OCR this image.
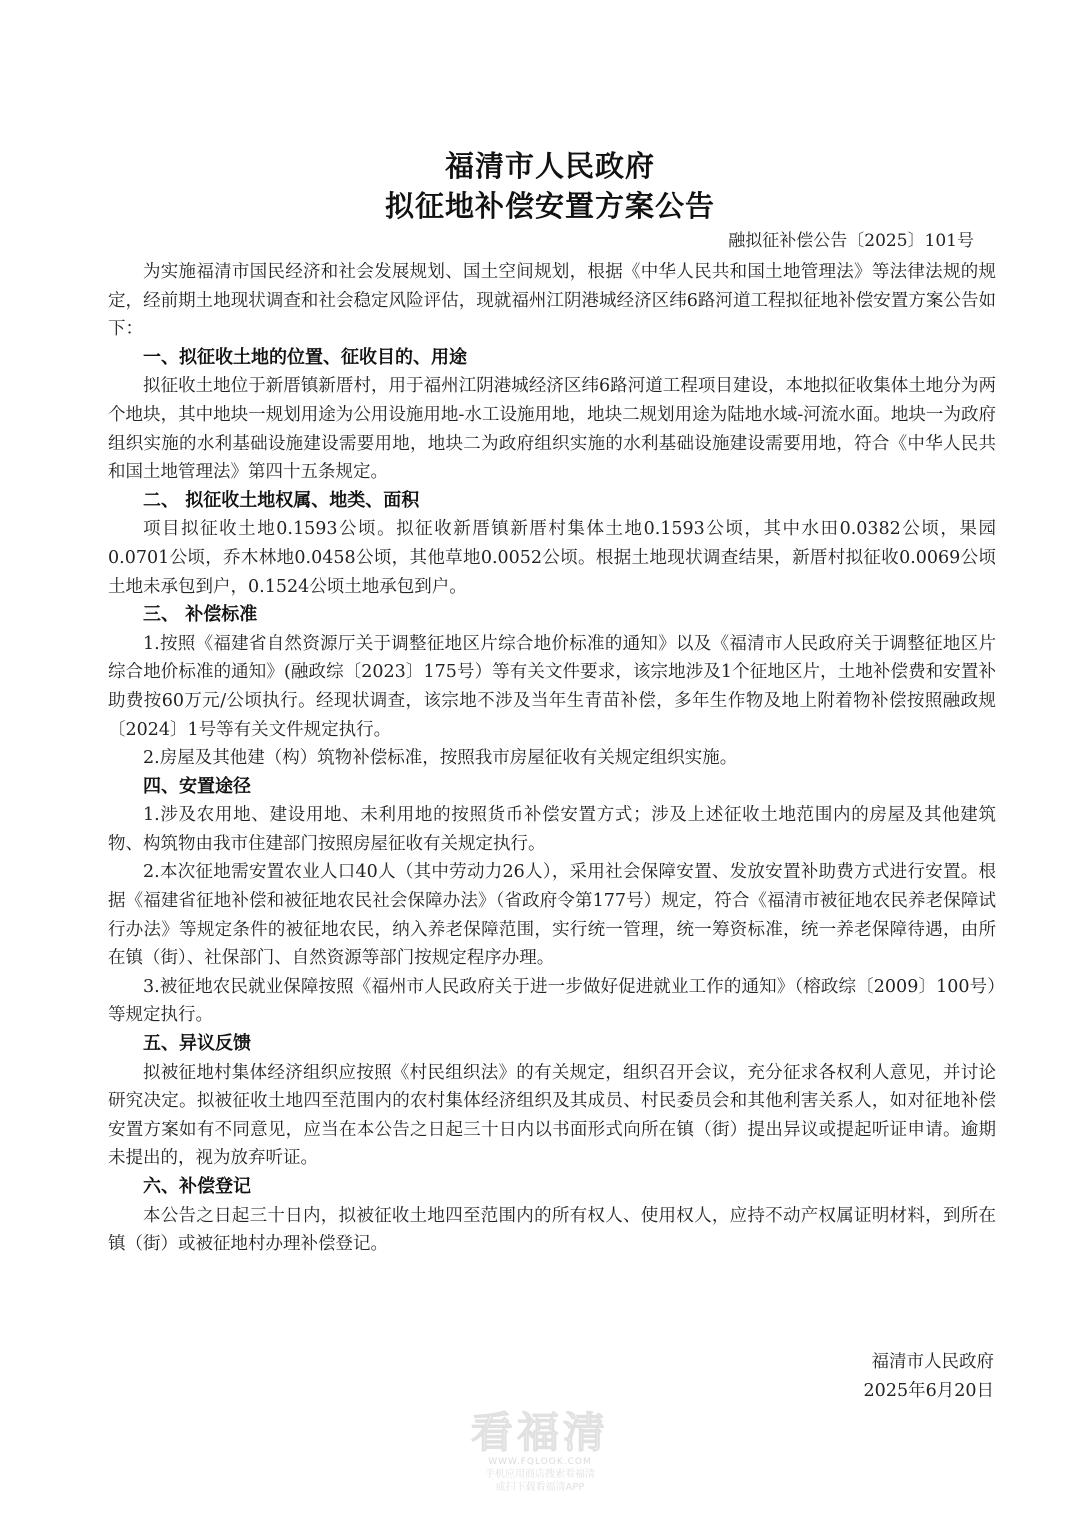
福清市人民政府
拟征地补偿安置方案公告
融拟征补偿公告〔2025〕101号

为实施福清市国民经济和社会发展规划、国土空间规划，根据《中华人民共和国土地管理法》等法律法规的规定，经前期土地现状调查和社会稳定风险评估，现就福州江阴港城经济区纬6路河道工程拟征地补偿安置方案公告如下：

一、拟征收土地的位置、征收目的、用途

拟征收土地位于新厝镇新厝村，用于福州江阴港城经济区纬6路河道工程项目建设，本地拟征收集体土地分为两个地块，其中地块一规划用途为公用设施用地-水工设施用地，地块二规划用途为陆地水域-河流水面。地块一为政府组织实施的水利基础设施建设需要用地，地块二为政府组织实施的水利基础设施建设需要用地，符合《中华人民共和国土地管理法》第四十五条规定。

二、 拟征收土地权属、地类、面积

项目拟征收土地0.1593公顷。拟征收新厝镇新厝村集体土地0.1593公顷，其中水田0.0382公顷，果园0.0701公顷，乔木林地0.0458公顷，其他草地0.0052公顷。根据土地现状调查结果，新厝村拟征收0.0069公顷土地未承包到户，0.1524公顷土地承包到户。

三、 补偿标准

1.按照《福建省自然资源厅关于调整征地区片综合地价标准的通知》以及《福清市人民政府关于调整征地区片综合地价标准的通知》(融政综〔2023〕175号）等有关文件要求，该宗地涉及1个征地区片，土地补偿费和安置补助费按60万元/公顷执行。经现状调查，该宗地不涉及当年生青苗补偿，多年生作物及地上附着物补偿按照融政规〔2024〕1号等有关文件规定执行。

2.房屋及其他建（构）筑物补偿标准，按照我市房屋征收有关规定组织实施。

四、安置途径

1.涉及农用地、建设用地、未利用地的按照货币补偿安置方式；涉及上述征收土地范围内的房屋及其他建筑物、构筑物由我市住建部门按照房屋征收有关规定执行。

2.本次征地需安置农业人口40人（其中劳动力26人），采用社会保障安置、发放安置补助费方式进行安置。根据《福建省征地补偿和被征地农民社会保障办法》（省政府令第177号）规定，符合《福清市被征地农民养老保障试行办法》等规定条件的被征地农民，纳入养老保障范围，实行统一管理，统一筹资标准，统一养老保障待遇，由所在镇（街）、社保部门、自然资源等部门按规定程序办理。

3.被征地农民就业保障按照《福州市人民政府关于进一步做好促进就业工作的通知》（榕政综〔2009〕100号）等规定执行。

五、异议反馈

拟被征地村集体经济组织应按照《村民组织法》的有关规定，组织召开会议，充分征求各权利人意见，并讨论研究决定。拟被征收土地四至范围内的农村集体经济组织及其成员、村民委员会和其他利害关系人，如对征地补偿安置方案如有不同意见，应当在本公告之日起三十日内以书面形式向所在镇（街）提出异议或提起听证申请。逾期未提出的，视为放弃听证。

六、补偿登记

本公告之日起三十日内，拟被征收土地四至范围内的所有权人、使用权人，应持不动产权属证明材料，到所在镇（街）或被征地村办理补偿登记。

福清市人民政府
2025年6月20日
看福清
WWW.FQLOOK.COM
手机应用商店搜索看福清
或扫下载看福清APP
